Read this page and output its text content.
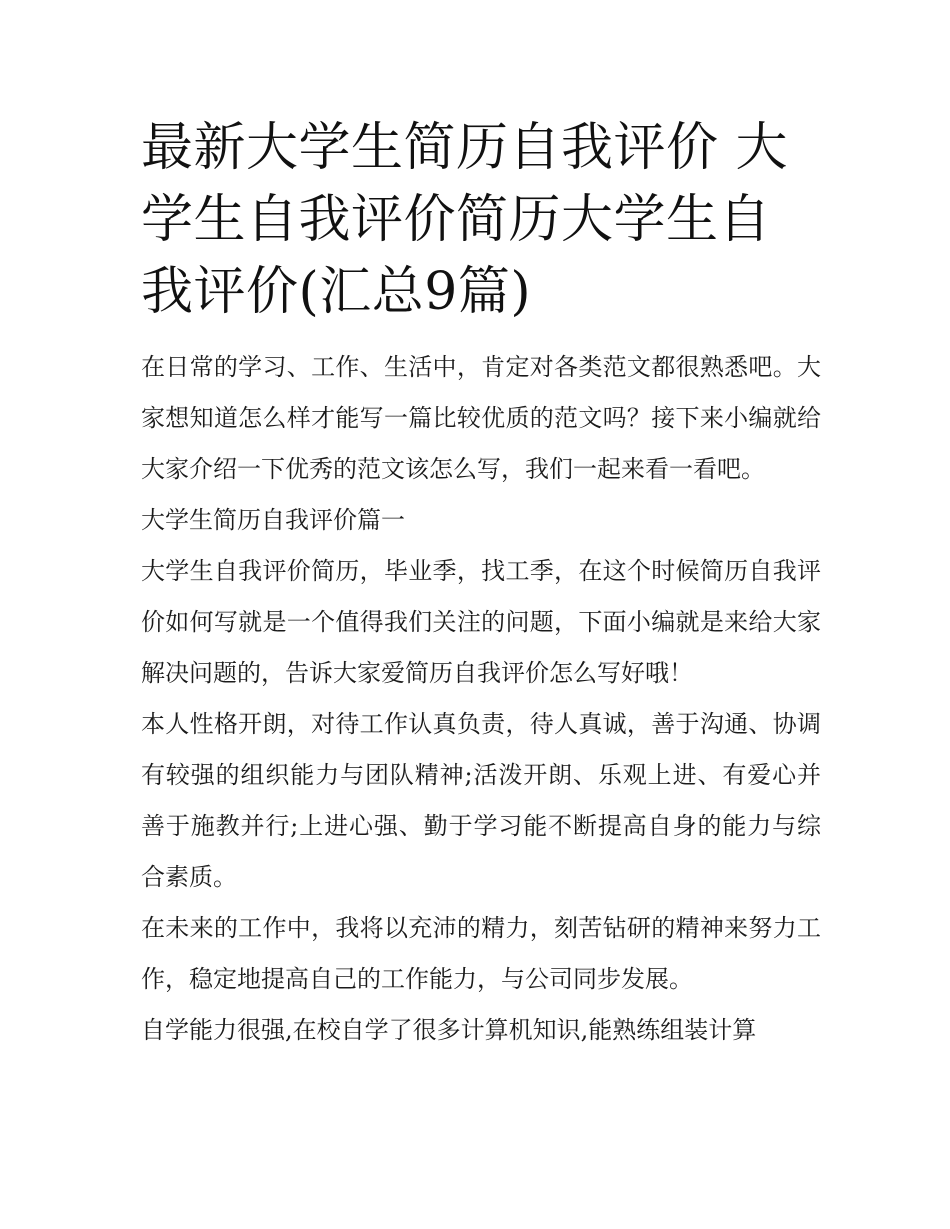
最新大学生简历自我评价 大学生自我评价简历大学生自我评价(汇总9篇)

在日常的学习、工作、生活中，肯定对各类范文都很熟悉吧。大家想知道怎么样才能写一篇比较优质的范文吗？接下来小编就给大家介绍一下优秀的范文该怎么写，我们一起来看一看吧。

大学生简历自我评价篇一

大学生自我评价简历，毕业季，找工季，在这个时候简历自我评价如何写就是一个值得我们关注的问题，下面小编就是来给大家解决问题的，告诉大家爱简历自我评价怎么写好哦！

本人性格开朗，对待工作认真负责，待人真诚，善于沟通、协调有较强的组织能力与团队精神;活泼开朗、乐观上进、有爱心并善于施教并行;上进心强、勤于学习能不断提高自身的能力与综合素质。

在未来的工作中，我将以充沛的精力，刻苦钻研的精神来努力工作，稳定地提高自己的工作能力，与公司同步发展。

自学能力很强,在校自学了很多计算机知识,能熟练组装计算
